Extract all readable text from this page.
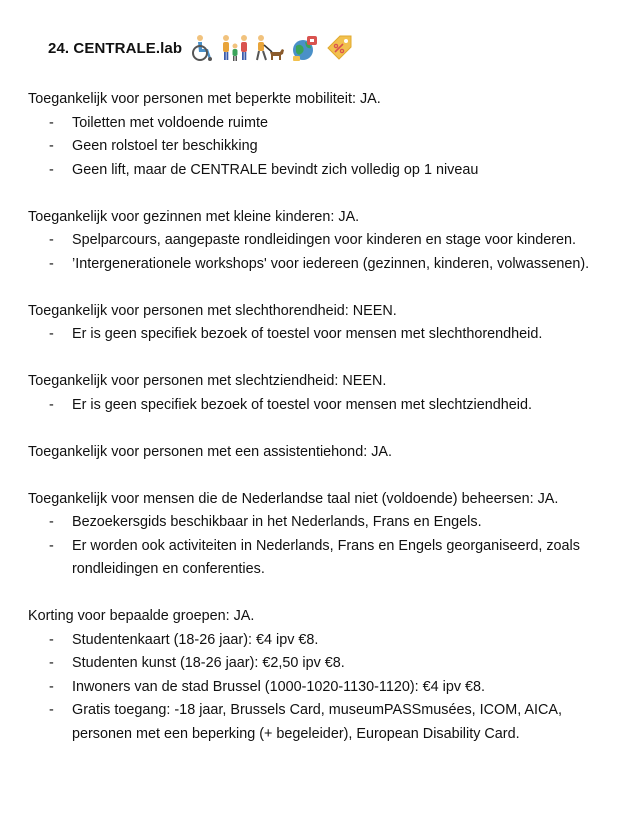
24. CENTRALE.lab

Toegankelijk voor personen met beperkte mobiliteit: JA.

- Toiletten met voldoende ruimte
- Geen rolstoel ter beschikking
- Geen lift, maar de CENTRALE bevindt zich volledig op 1 niveau

Toegankelijk voor gezinnen met kleine kinderen: JA.

- Spelparcours, aangepaste rondleidingen voor kinderen en stage voor kinderen.
- ’Intergenerationele workshops' voor iedereen (gezinnen, kinderen, volwassenen).

Toegankelijk voor personen met slechthorendheid: NEEN.

- Er is geen specifiek bezoek of toestel voor mensen met slechthorendheid.

Toegankelijk voor personen met slechtziendheid: NEEN.

- Er is geen specifiek bezoek of toestel voor mensen met slechtziendheid.

Toegankelijk voor personen met een assistentiehond: JA.

Toegankelijk voor mensen die de Nederlandse taal niet (voldoende) beheersen: JA.

- Bezoekersgids beschikbaar in het Nederlands, Frans en Engels.
- Er worden ook activiteiten in Nederlands, Frans en Engels georganiseerd, zoals rondleidingen en conferenties.

Korting voor bepaalde groepen: JA.

- Studentenkaart (18-26 jaar): €4 ipv €8.
- Studenten kunst (18-26 jaar): €2,50 ipv €8.
- Inwoners van de stad Brussel (1000-1020-1130-1120): €4 ipv €8.
- Gratis toegang: -18 jaar, Brussels Card, museumPASSmusées, ICOM, AICA, personen met een beperking (+ begeleider), European Disability Card.
